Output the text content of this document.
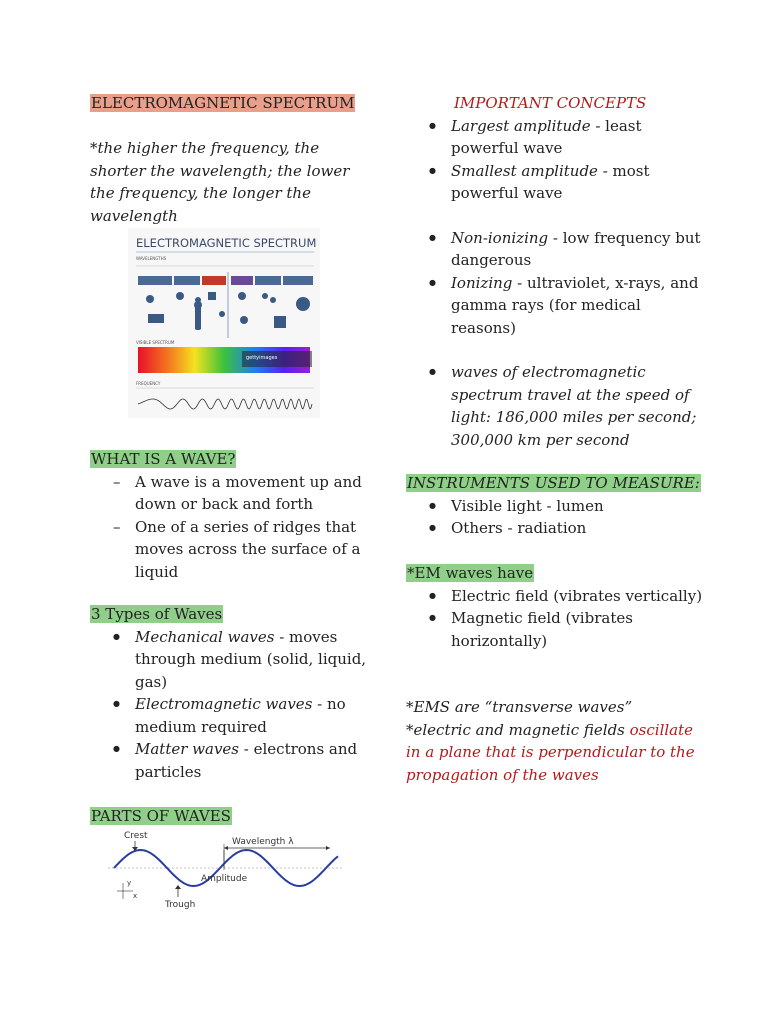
ELECTROMAGNETIC SPECTRUM
*the higher the frequency, the shorter the wavelength; the lower the frequency, the longer the wavelength
ELECTROMAGNETIC SPECTRUM
WAVELENGTHS
VISIBLE SPECTRUM
gettyimages
FREQUENCY
WHAT IS A WAVE?
– A wave is a movement up and down or back and forth
– One of a series of ridges that moves across the surface of a liquid
3 Types of Waves
● Mechanical waves - moves through medium (solid, liquid, gas)
● Electromagnetic waves - no medium required
● Matter waves - electrons and particles
PARTS OF WAVES
Crest
Wavelength λ
Amplitude
Trough
y
x
IMPORTANT CONCEPTS
● Largest amplitude - least powerful wave
● Smallest amplitude - most powerful wave
● Non-ionizing - low frequency but dangerous
● Ionizing - ultraviolet, x-rays, and gamma rays (for medical reasons)
● waves of electromagnetic spectrum travel at the speed of light: 186,000 miles per second; 300,000 km per second
INSTRUMENTS USED TO MEASURE:
● Visible light - lumen
● Others - radiation
*EM waves have
● Electric field (vibrates vertically)
● Magnetic field (vibrates horizontally)
*EMS are “transverse waves”
*electric and magnetic fields oscillate in a plane that is perpendicular to the propagation of the waves
